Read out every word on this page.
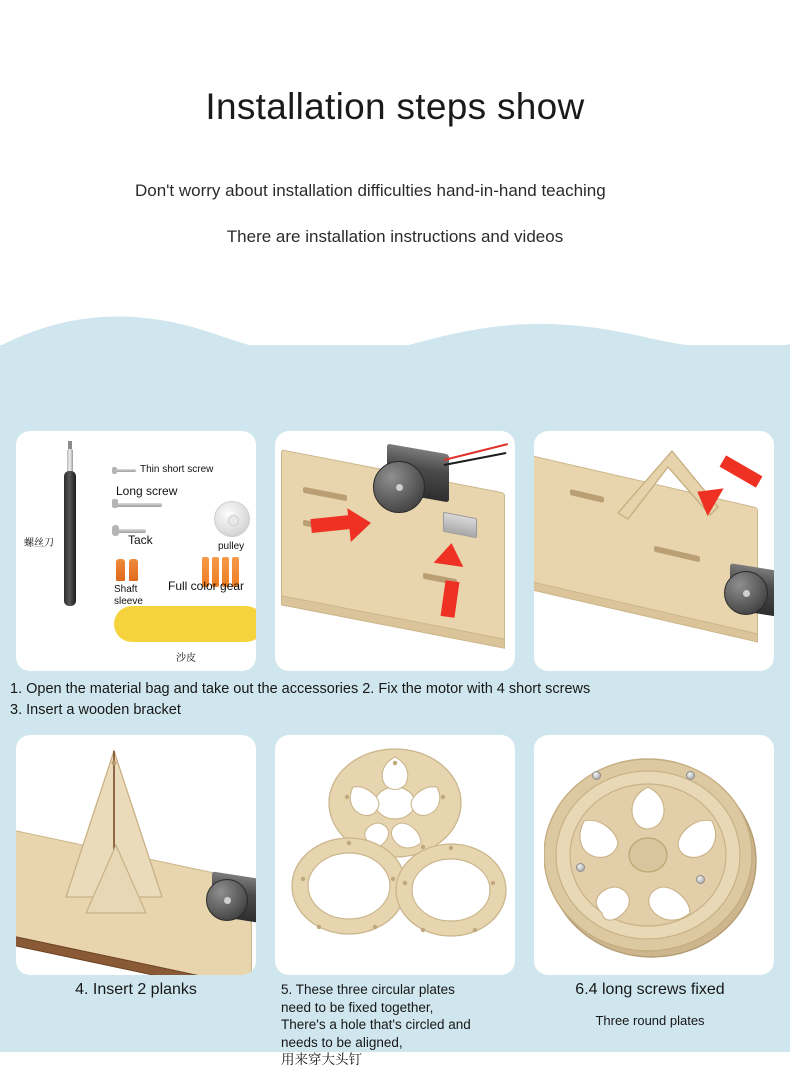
Installation steps show
Don't worry about installation difficulties hand-in-hand teaching
There are installation instructions and videos
螺丝刀
Thin short screw
Long screw
Tack	pulley
Shaft sleeve
Full color gear
沙皮
1. Open the material bag and take out the accessories 2. Fix the motor with 4 short screws
3. Insert a wooden bracket
4. Insert 2 planks	5. These three circular plates
need to be fixed together,
There's a hole that's circled and
needs to be aligned,
用来穿大头钉
6.4 long screws fixed
Three round plates
